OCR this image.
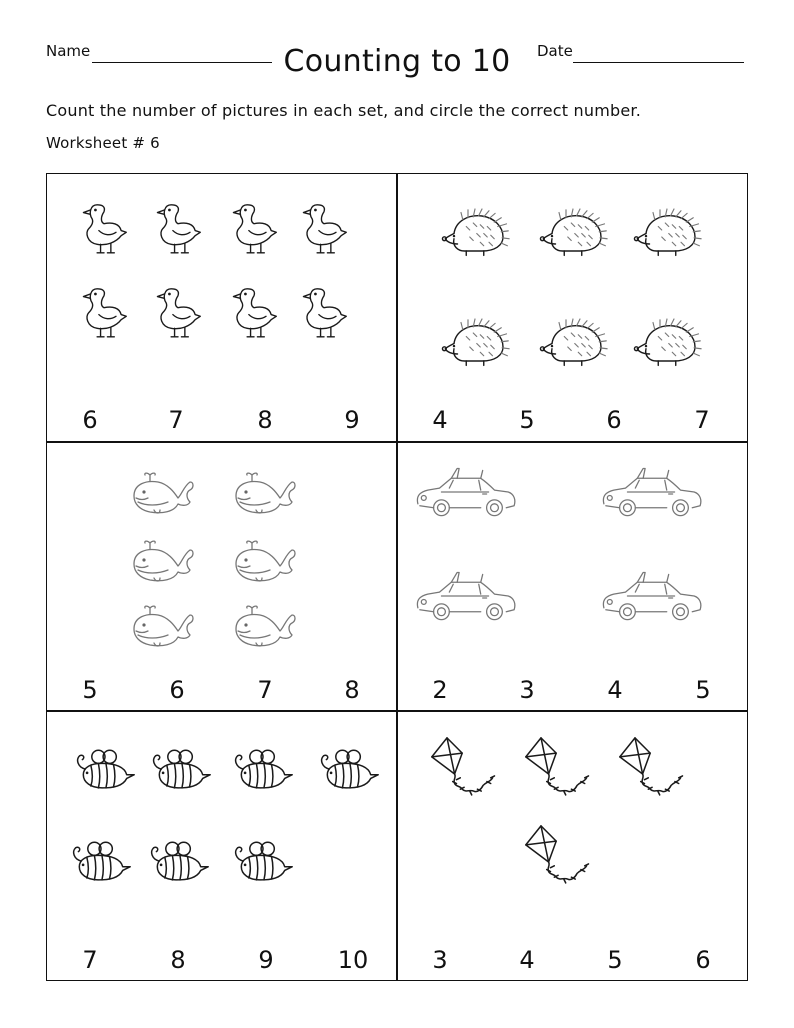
Name	Counting to 10	Date
Count the number of pictures in each set, and circle the correct number.
Worksheet # 6
6	7	8	9	4	5	6	7
5	6	7	8	2	3	4	5
7	8	9	10	3	4	5	6
